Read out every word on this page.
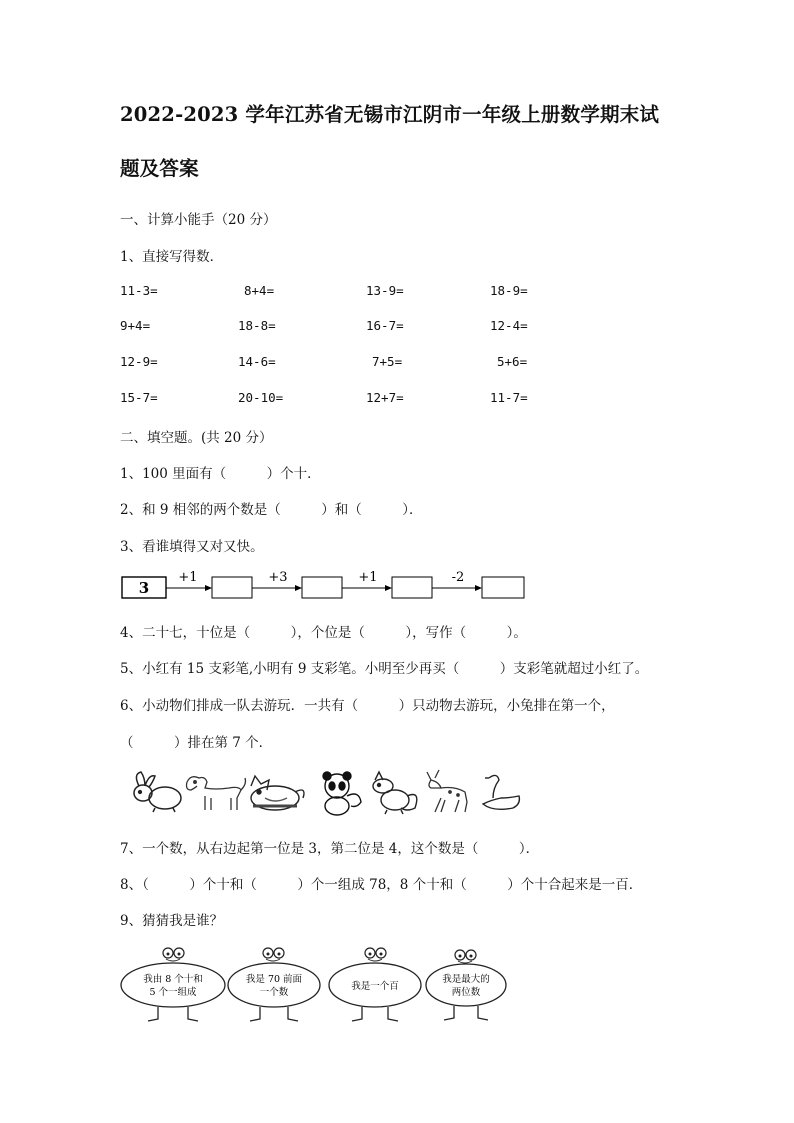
2022-2023 学年江苏省无锡市江阴市一年级上册数学期末试
题及答案
一、计算小能手（20 分）
1、直接写得数．
11-3=	8+4=	13-9=	18-9=
9+4=	18-8=	16-7=	12-4=
12-9=	14-6=	7+5=	5+6=
15-7=	20-10=	12+7=	11-7=
二、填空题。(共 20 分）
1、100 里面有（　　　）个十．
2、和 9 相邻的两个数是（　　　）和（　　　）．
3、看谁填得又对又快。
3
+1	+3	+1	-2
4、二十七，十位是（　　　），个位是（　　　），写作（　　　）。
5、小红有 15 支彩笔,小明有 9 支彩笔。小明至少再买（　　　）支彩笔就超过小红了。
6、小动物们排成一队去游玩．一共有（　　　）只动物去游玩，小兔排在第一个，
（　　　）排在第 7 个．
7、一个数，从右边起第一位是 3，第二位是 4，这个数是（　　　）．
8、（　　　）个十和（　　　）个一组成 78，8 个十和（　　　）个十合起来是一百．
9、猜猜我是谁？
我由 8 个十和
5 个一组成
我是 70 前面
一个数
我是一个百
我是最大的
两位数
